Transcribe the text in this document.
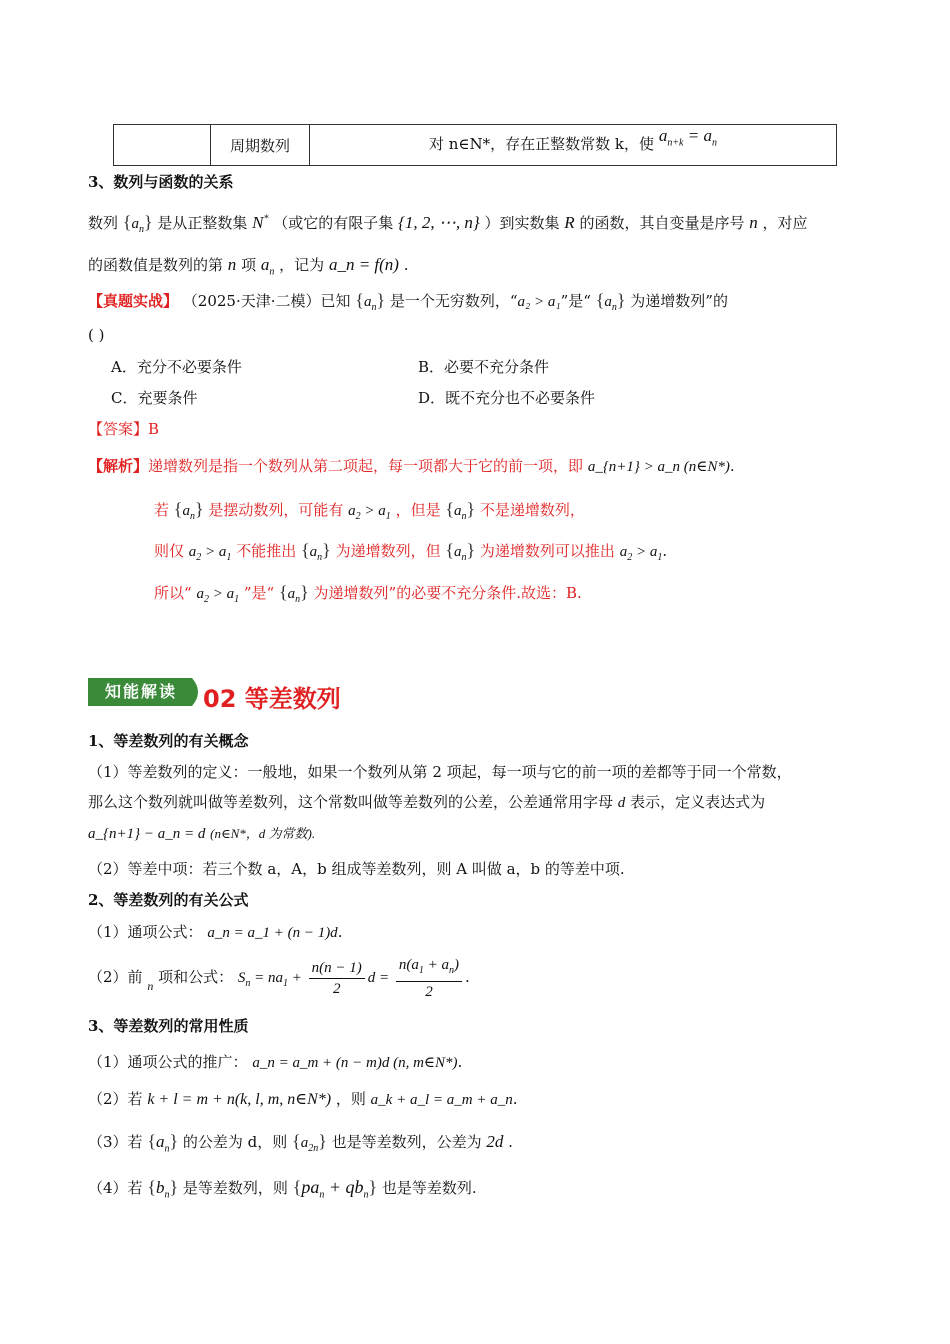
	周期数列	对 n∈N*，存在正整数常数 k，使 $a_{n+k} = a_n$
3、数列与函数的关系
数列 $\{a_n\}$ 是从正整数集 N* （或它的有限子集 {1, 2, ⋯, n} ）到实数集 R 的函数，其自变量是序号 n ，对应
的函数值是数列的第 n 项 $a_n$ ，记为 a_n = f(n) .
【真题实战】 （2025·天津·二模）已知 $\{a_n\}$ 是一个无穷数列，“a₂ > a₁”是“ $\{a_n\}$ 为递增数列”的
( )
A．充分不必要条件	B．必要不充分条件
C．充要条件	D．既不充分也不必要条件
【答案】B
【解析】递增数列是指一个数列从第二项起，每一项都大于它的前一项，即 a_{n+1} > a_n (n∈N*).
若 $\{a_n\}$ 是摆动数列，可能有 $a_2 > a_1$ ，但是 $\{a_n\}$ 不是递增数列，
则仅 $a_2 > a_1$ 不能推出 $\{a_n\}$ 为递增数列，但 $\{a_n\}$ 为递增数列可以推出 $a_2 > a_1$.
所以“ $a_2 > a_1$ ”是“ $\{a_n\}$ 为递增数列”的必要不充分条件.故选：B.
知能解读	02 等差数列
1、等差数列的有关概念
（1）等差数列的定义：一般地，如果一个数列从第 2 项起，每一项与它的前一项的差都等于同一个常数，
那么这个数列就叫做等差数列，这个常数叫做等差数列的公差，公差通常用字母 d 表示，定义表达式为
a_{n+1} − a_n = d (n∈N*，d 为常数).
（2）等差中项：若三个数 a，A，b 组成等差数列，则 A 叫做 a，b 的等差中项.
2、等差数列的有关公式
（1）通项公式： a_n = a_1 + (n − 1)d.
（2）前 $_n$ 项和公式： $S_n = na_1 + \frac{n(n - 1)}{2}$ $d = \frac{n(a_1 + a_n)}{2}$ .
3、等差数列的常用性质
（1）通项公式的推广： a_n = a_m + (n − m)d (n, m∈N*).
（2）若 k + l = m + n(k, l, m, n∈N*) ，则 a_k + a_l = a_m + a_n.
（3）若 $\{a_n\}$ 的公差为 d，则 $\{a_{2n}\}$ 也是等差数列，公差为 2d .
（4）若 $\{b_n\}$ 是等差数列，则 $\{pa_n + qb_n\}$ 也是等差数列.
